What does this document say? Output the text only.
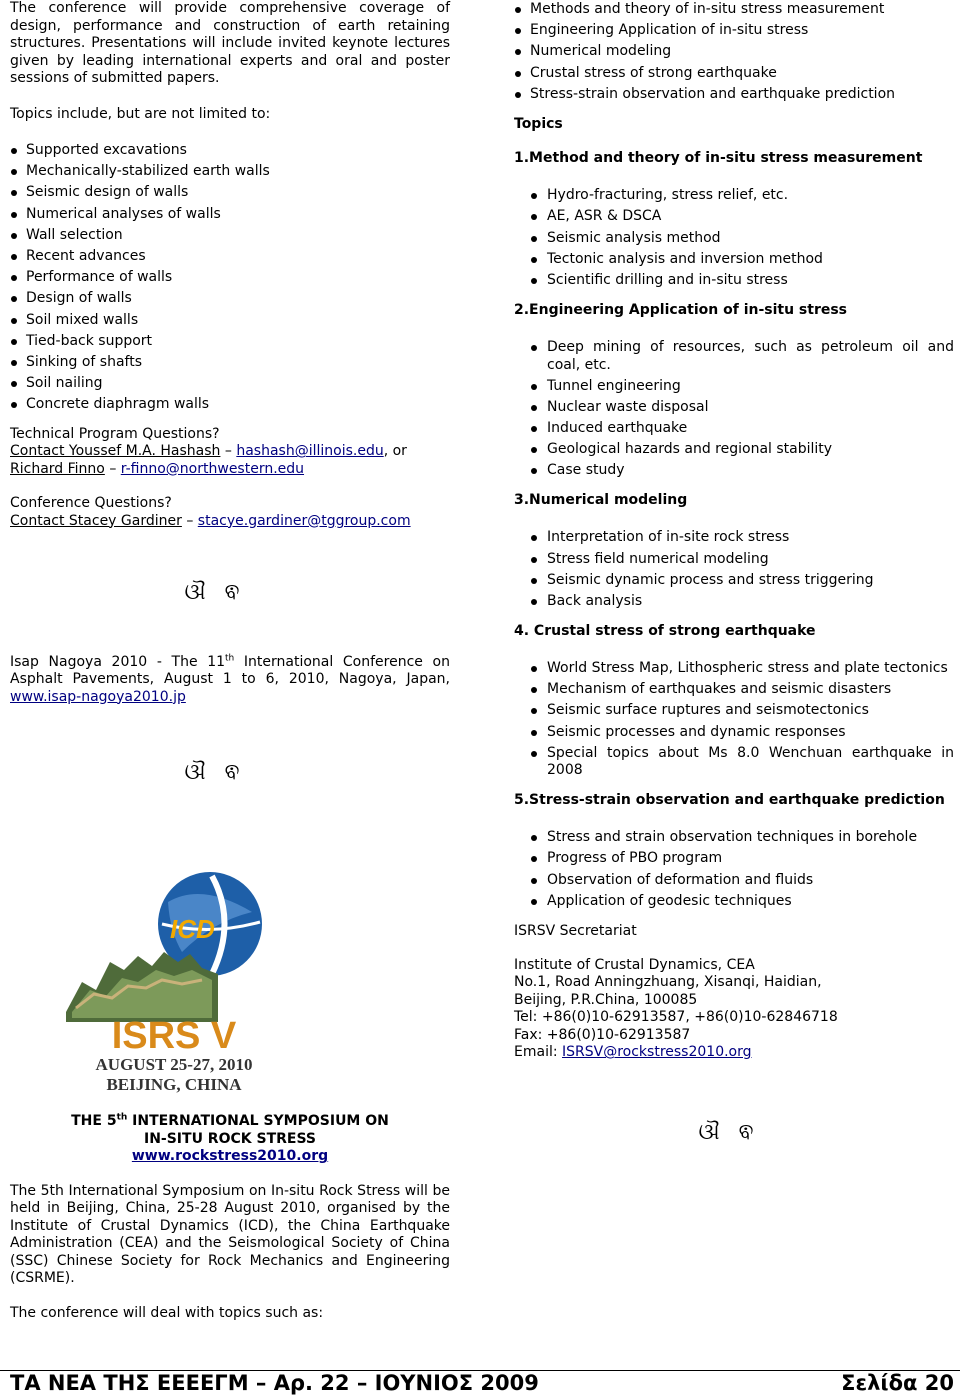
The conference will provide comprehensive coverage of design, performance and construction of earth retaining structures. Presentations will include invited keynote lectures given by leading international experts and oral and poster sessions of submitted papers.

Topics include, but are not limited to:

Supported excavations
Mechanically-stabilized earth walls
Seismic design of walls
Numerical analyses of walls
Wall selection
Recent advances
Performance of walls
Design of walls
Soil mixed walls
Tied-back support
Sinking of shafts
Soil nailing
Concrete diaphragm walls

Technical Program Questions?

Contact Youssef M.A. Hashash – hashash@illinois.edu, or

Richard Finno – r-finno@northwestern.edu

Conference Questions?

Contact Stacey Gardiner – stacye.gardiner@tggroup.com

ଔ ଵ

Isap Nagoya 2010 - The 11th International Conference on Asphalt Pavements, August 1 to 6, 2010, Nagoya, Japan, www.isap-nagoya2010.jp

ଔ ଵ
ICD
ISRS V
AUGUST 25-27, 2010
BEIJING, CHINA

THE 5th INTERNATIONAL SYMPOSIUM ON

IN-SITU ROCK STRESS

www.rockstress2010.org

The 5th International Symposium on In-situ Rock Stress will be held in Beijing, China, 25-28 August 2010, organised by the Institute of Crustal Dynamics (ICD), the China Earthquake Administration (CEA) and the Seismological Society of China (SSC) Chinese Society for Rock Mechanics and Engineering (CSRME).

The conference will deal with topics such as:

Methods and theory of in-situ stress measurement
Engineering Application of in-situ stress
Numerical modeling
Crustal stress of strong earthquake
Stress-strain observation and earthquake prediction

Topics

1.Method and theory of in-situ stress measurement

Hydro-fracturing, stress relief, etc.
AE, ASR & DSCA
Seismic analysis method
Tectonic analysis and inversion method
Scientific drilling and in-situ stress

2.Engineering Application of in-situ stress

Deep mining of resources, such as petroleum oil and coal, etc.
Tunnel engineering
Nuclear waste disposal
Induced earthquake
Geological hazards and regional stability
Case study

3.Numerical modeling

Interpretation of in-site rock stress
Stress field numerical modeling
Seismic dynamic process and stress triggering
Back analysis

4. Crustal stress of strong earthquake

World Stress Map, Lithospheric stress and plate tectonics
Mechanism of earthquakes and seismic disasters
Seismic surface ruptures and seismotectonics
Seismic processes and dynamic responses
Special topics about Ms 8.0 Wenchuan earthquake in 2008

5.Stress-strain observation and earthquake prediction

Stress and strain observation techniques in borehole
Progress of PBO program
Observation of deformation and fluids
Application of geodesic techniques

ISRSV Secretariat

Institute of Crustal Dynamics, CEA

No.1, Road Anningzhuang, Xisanqi, Haidian,

Beijing, P.R.China, 100085

Tel: +86(0)10-62913587, +86(0)10-62846718

Fax: +86(0)10-62913587

Email: ISRSV@rockstress2010.org

ଔ ଵ
ΤΑ ΝΕΑ ΤΗΣ ΕΕΕΕΓΜ – Αρ. 22 – ΙΟΥΝΙΟΣ 2009	Σελίδα 20
